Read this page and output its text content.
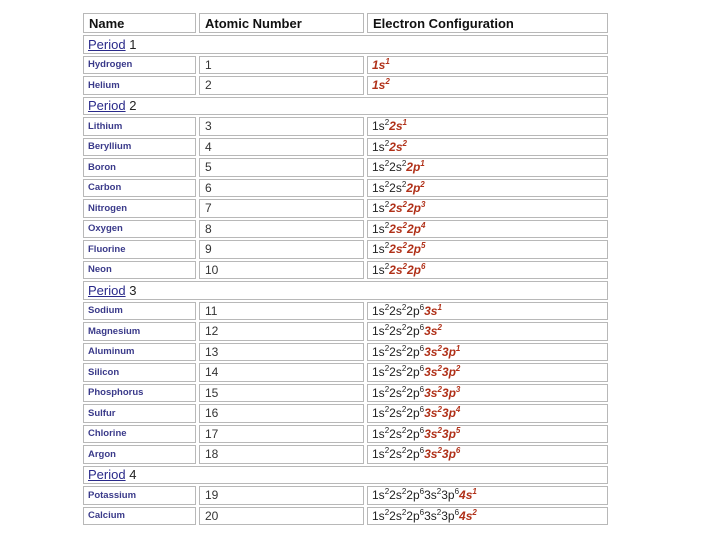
Name	Atomic Number	Electron Configuration
Period 1
Hydrogen	1	$1s^1$
Helium	2	$1s^2$
Period 2
Lithium	3	$1s^2$ $2s^1$
Beryllium	4	$1s^2$ $2s^2$
Boron	5	$1s^2$ $2s^2$ $2p^1$
Carbon	6	$1s^2$ $2s^2$ $2p^2$
Nitrogen	7	$1s^2$ $2s^2$ $2p^3$
Oxygen	8	$1s^2$ $2s^2$ $2p^4$
Fluorine	9	$1s^2$ $2s^2$ $2p^5$
Neon	10	$1s^2$ $2s^2$ $2p^6$
Period 3
Sodium	11	$1s^2$ $2s^2$ $2p^6$ $3s^1$
Magnesium	12	$1s^2$ $2s^2$ $2p^6$ $3s^2$
Aluminum	13	$1s^2$ $2s^2$ $2p^6$ $3s^2$ $3p^1$
Silicon	14	$1s^2$ $2s^2$ $2p^6$ $3s^2$ $3p^2$
Phosphorus	15	$1s^2$ $2s^2$ $2p^6$ $3s^2$ $3p^3$
Sulfur	16	$1s^2$ $2s^2$ $2p^6$ $3s^2$ $3p^4$
Chlorine	17	$1s^2$ $2s^2$ $2p^6$ $3s^2$ $3p^5$
Argon	18	$1s^2$ $2s^2$ $2p^6$ $3s^2$ $3p^6$
Period 4
Potassium	19	$1s^2$ $2s^2$ $2p^6$ $3s^2$ $3p^6$ $4s^1$
Calcium	20	$1s^2$ $2s^2$ $2p^6$ $3s^2$ $3p^6$ $4s^2$
